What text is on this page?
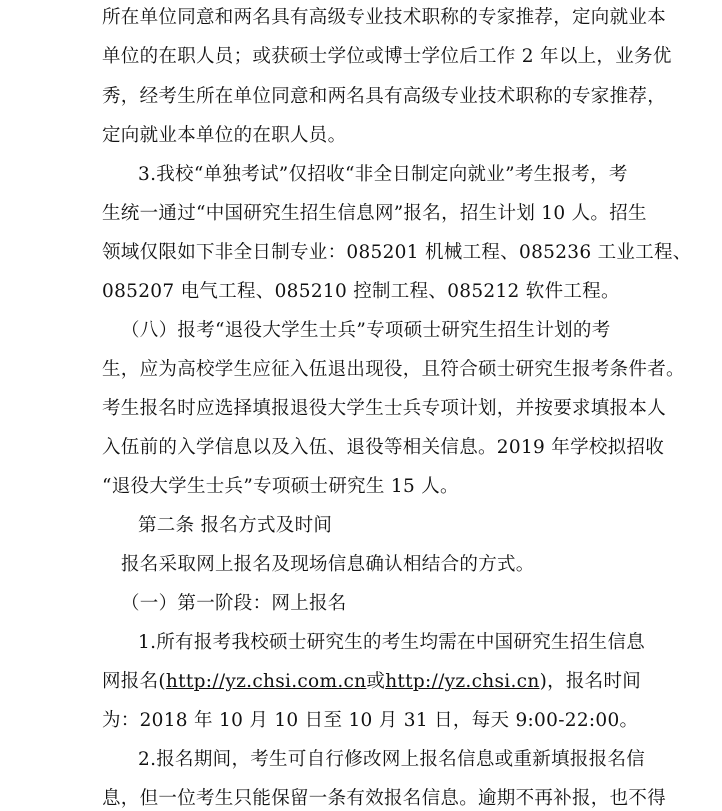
所在单位同意和两名具有高级专业技术职称的专家推荐，定向就业本
单位的在职人员；或获硕士学位或博士学位后工作 2 年以上，业务优
秀，经考生所在单位同意和两名具有高级专业技术职称的专家推荐，
定向就业本单位的在职人员。
3.我校“单独考试”仅招收“非全日制定向就业”考生报考，考
生统一通过“中国研究生招生信息网”报名，招生计划 10 人。招生
领域仅限如下非全日制专业：085201 机械工程、085236 工业工程、
085207 电气工程、085210 控制工程、085212 软件工程。
（八）报考“退役大学生士兵”专项硕士研究生招生计划的考
生，应为高校学生应征入伍退出现役，且符合硕士研究生报考条件者。
考生报名时应选择填报退役大学生士兵专项计划，并按要求填报本人
入伍前的入学信息以及入伍、退役等相关信息。2019 年学校拟招收
“退役大学生士兵”专项硕士研究生 15 人。
第二条 报名方式及时间
报名采取网上报名及现场信息确认相结合的方式。
（一）第一阶段：网上报名
1.所有报考我校硕士研究生的考生均需在中国研究生招生信息
网报名(http://yz.chsi.com.cn或http://yz.chsi.cn)，报名时间
为：2018 年 10 月 10 日至 10 月 31 日，每天 9:00-22:00。
2.报名期间，考生可自行修改网上报名信息或重新填报报名信
息，但一位考生只能保留一条有效报名信息。逾期不再补报，也不得
